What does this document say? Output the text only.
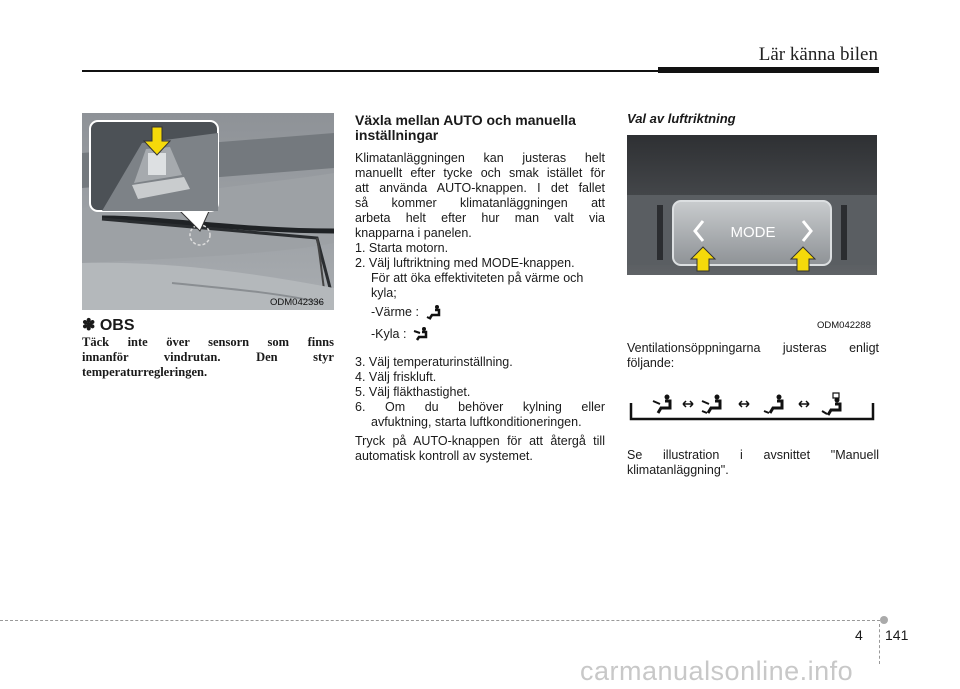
Lär känna bilen
ODM042336
✽ OBS
Täck inte över sensorn som finns
innanför vindrutan. Den styr
temperaturregleringen.
Växla mellan AUTO och manuella
inställningar
Klimatanläggningen kan justeras helt
manuellt efter tycke och smak istället för
att använda AUTO-knappen. I det fallet
så kommer klimatanläggningen att
arbeta helt efter hur man valt via
knapparna i panelen.

1. Starta motorn.

2. Välj luftriktning med MODE-knappen.

För att öka effektiviteten på värme och
kyla;

-Värme :
-Kyla :

3. Välj temperaturinställning.

4. Välj friskluft.

5. Välj fläkthastighet.

6. Om du behöver kylning eller

avfuktning, starta luftkonditioneringen.

Tryck på AUTO-knappen för att återgå till
automatisk kontroll av systemet.
Val av luftriktning
MODE
ODM042288
Ventilationsöppningarna justeras enligt
följande:
Se illustration i avsnittet "Manuell
klimatanläggning".
4 141
carmanualsonline.info
